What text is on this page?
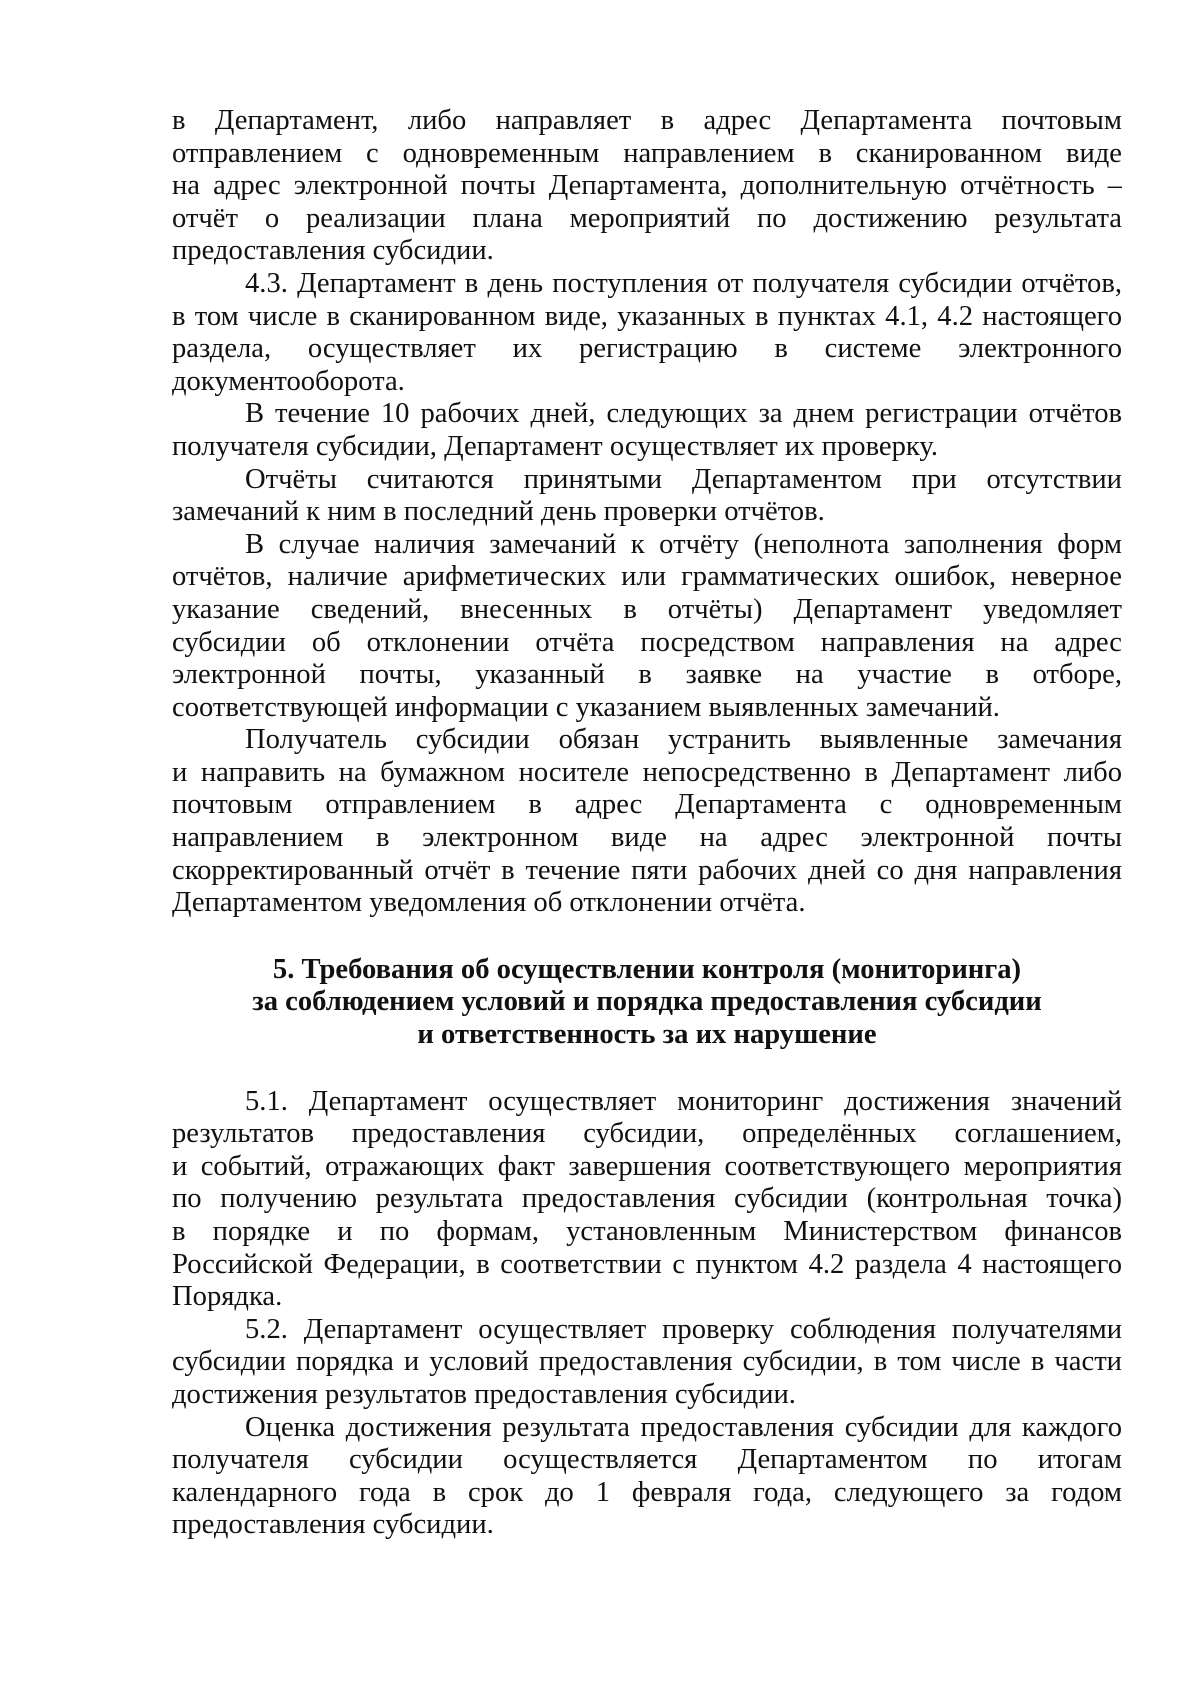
в Департамент, либо направляет в адрес Департамента почтовым
отправлением с одновременным направлением в сканированном виде
на адрес электронной почты Департамента, дополнительную отчётность –
отчёт о реализации плана мероприятий по достижению результата
предоставления субсидии.
4.3. Департамент в день поступления от получателя субсидии отчётов,
в том числе в сканированном виде, указанных в пунктах 4.1, 4.2 настоящего
раздела, осуществляет их регистрацию в системе электронного
документооборота.
В течение 10 рабочих дней, следующих за днем регистрации отчётов
получателя субсидии, Департамент осуществляет их проверку.
Отчёты считаются принятыми Департаментом при отсутствии
замечаний к ним в последний день проверки отчётов.
В случае наличия замечаний к отчёту (неполнота заполнения форм
отчётов, наличие арифметических или грамматических ошибок, неверное
указание сведений, внесенных в отчёты) Департамент уведомляет
субсидии об отклонении отчёта посредством направления на адрес
электронной почты, указанный в заявке на участие в отборе,
соответствующей информации с указанием выявленных замечаний.
Получатель субсидии обязан устранить выявленные замечания
и направить на бумажном носителе непосредственно в Департамент либо
почтовым отправлением в адрес Департамента с одновременным
направлением в электронном виде на адрес электронной почты
скорректированный отчёт в течение пяти рабочих дней со дня направления
Департаментом уведомления об отклонении отчёта.
5. Требования об осуществлении контроля (мониторинга)
за соблюдением условий и порядка предоставления субсидии
и ответственность за их нарушение
5.1. Департамент осуществляет мониторинг достижения значений
результатов предоставления субсидии, определённых соглашением,
и событий, отражающих факт завершения соответствующего мероприятия
по получению результата предоставления субсидии (контрольная точка)
в порядке и по формам, установленным Министерством финансов
Российской Федерации, в соответствии с пунктом 4.2 раздела 4 настоящего
Порядка.
5.2. Департамент осуществляет проверку соблюдения получателями
субсидии порядка и условий предоставления субсидии, в том числе в части
достижения результатов предоставления субсидии.
Оценка достижения результата предоставления субсидии для каждого
получателя субсидии осуществляется Департаментом по итогам
календарного года в срок до 1 февраля года, следующего за годом
предоставления субсидии.
